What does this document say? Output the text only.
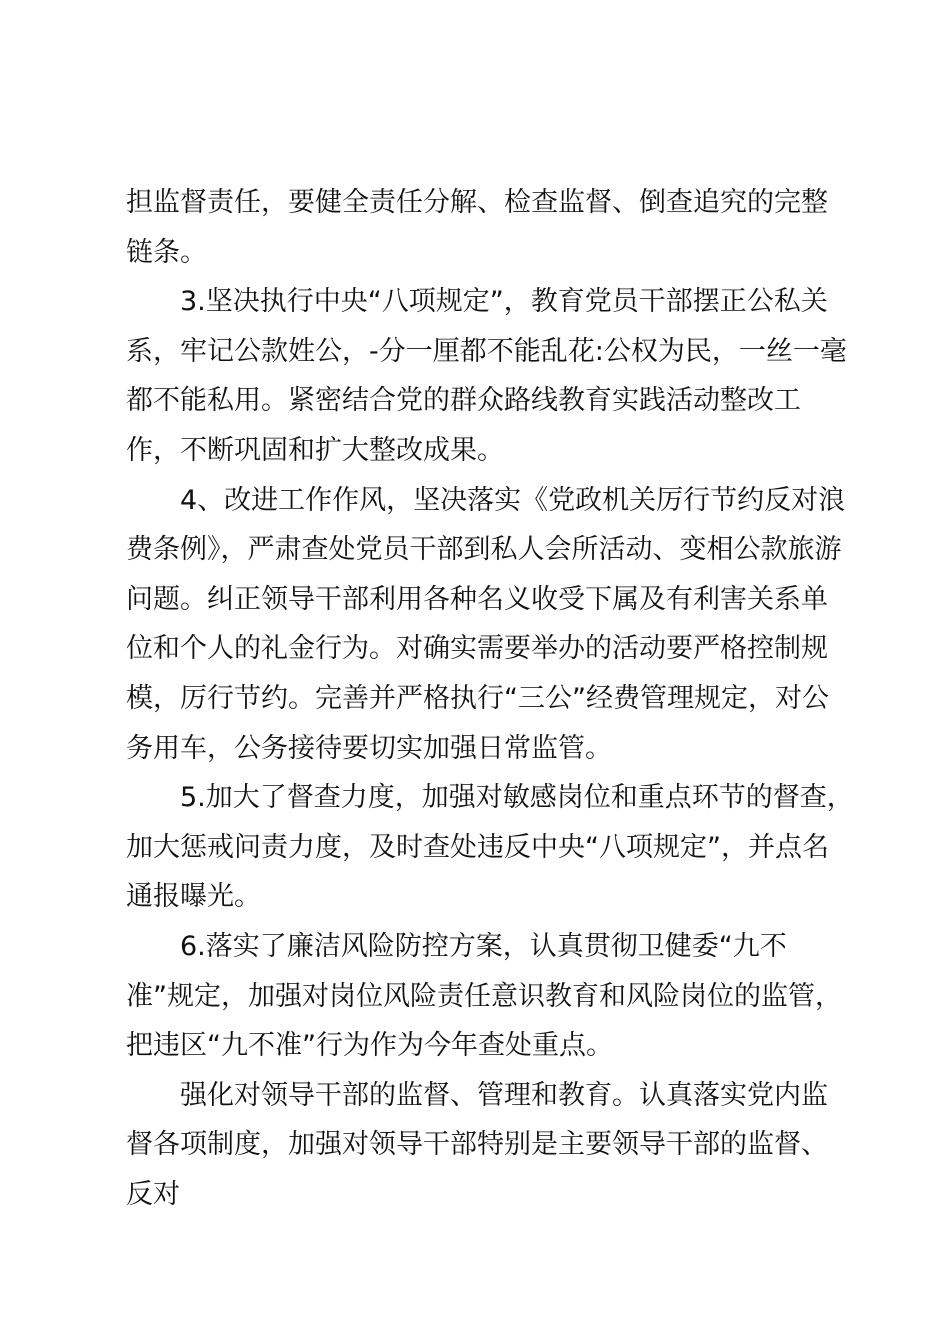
担监督责任，要健全责任分解、检查监督、倒查追究的完整链条。

3.坚决执行中央“八项规定”，教育党员干部摆正公私关系，牢记公款姓公，-分一厘都不能乱花:公权为民，一丝一毫都不能私用。紧密结合党的群众路线教育实践活动整改工作，不断巩固和扩大整改成果。

4、改进工作作风，坚决落实《党政机关厉行节约反对浪费条例》，严肃查处党员干部到私人会所活动、变相公款旅游问题。纠正领导干部利用各种名义收受下属及有利害关系单位和个人的礼金行为。对确实需要举办的活动要严格控制规模，厉行节约。完善并严格执行“三公”经费管理规定，对公务用车，公务接待要切实加强日常监管。

5.加大了督查力度，加强对敏感岗位和重点环节的督查，加大惩戒问责力度，及时查处违反中央“八项规定”，并点名通报曝光。

6.落实了廉洁风险防控方案，认真贯彻卫健委“九不准”规定，加强对岗位风险责任意识教育和风险岗位的监管，把违区“九不准”行为作为今年查处重点。

强化对领导干部的监督、管理和教育。认真落实党内监督各项制度，加强对领导干部特别是主要领导干部的监督、反对
